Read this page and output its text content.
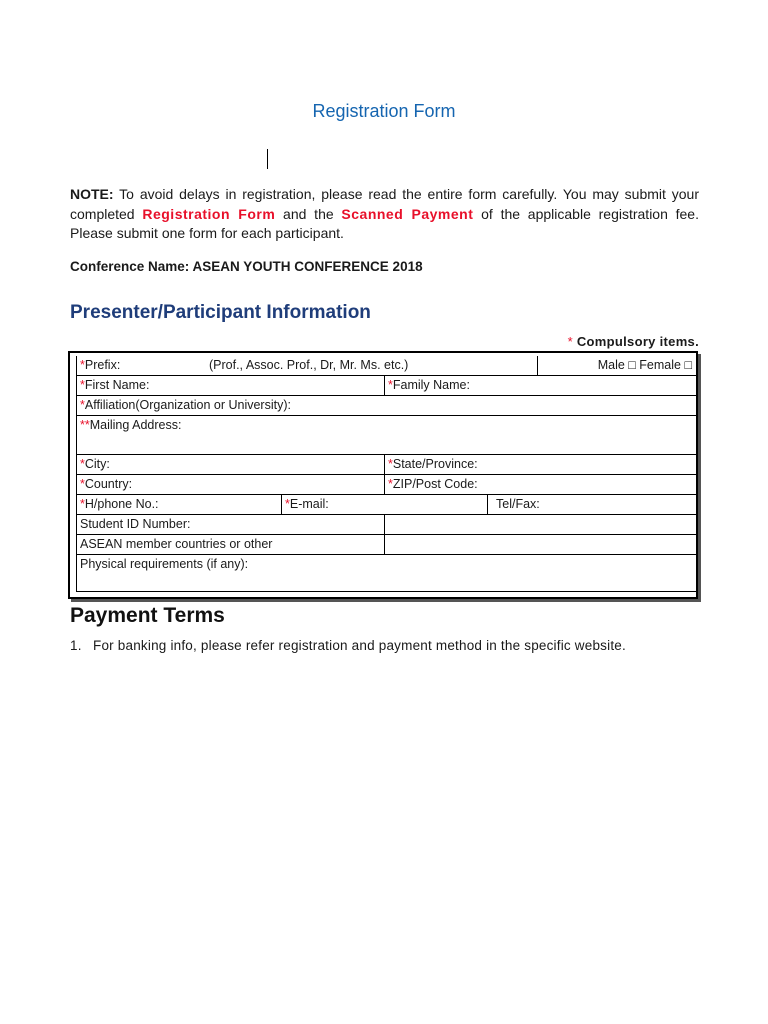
Registration Form
NOTE: To avoid delays in registration, please read the entire form carefully. You may submit your completed Registration Form and the Scanned Payment of the applicable registration fee. Please submit one form for each participant.
Conference Name: ASEAN YOUTH CONFERENCE 2018
Presenter/Participant Information
* Compulsory items.
*Prefix:	(Prof., Assoc. Prof., Dr, Mr. Ms. etc.)	Male □ Female □
*First Name:	*Family Name:
*Affiliation(Organization or University):
**Mailing Address:
*City:	*State/Province:
*Country:	*ZIP/Post Code:
*H/phone No.:	*E-mail:	Tel/Fax:
Student ID Number:
ASEAN member countries or other
Physical requirements (if any):
Payment Terms
1. For banking info, please refer registration and payment method in the specific website.
